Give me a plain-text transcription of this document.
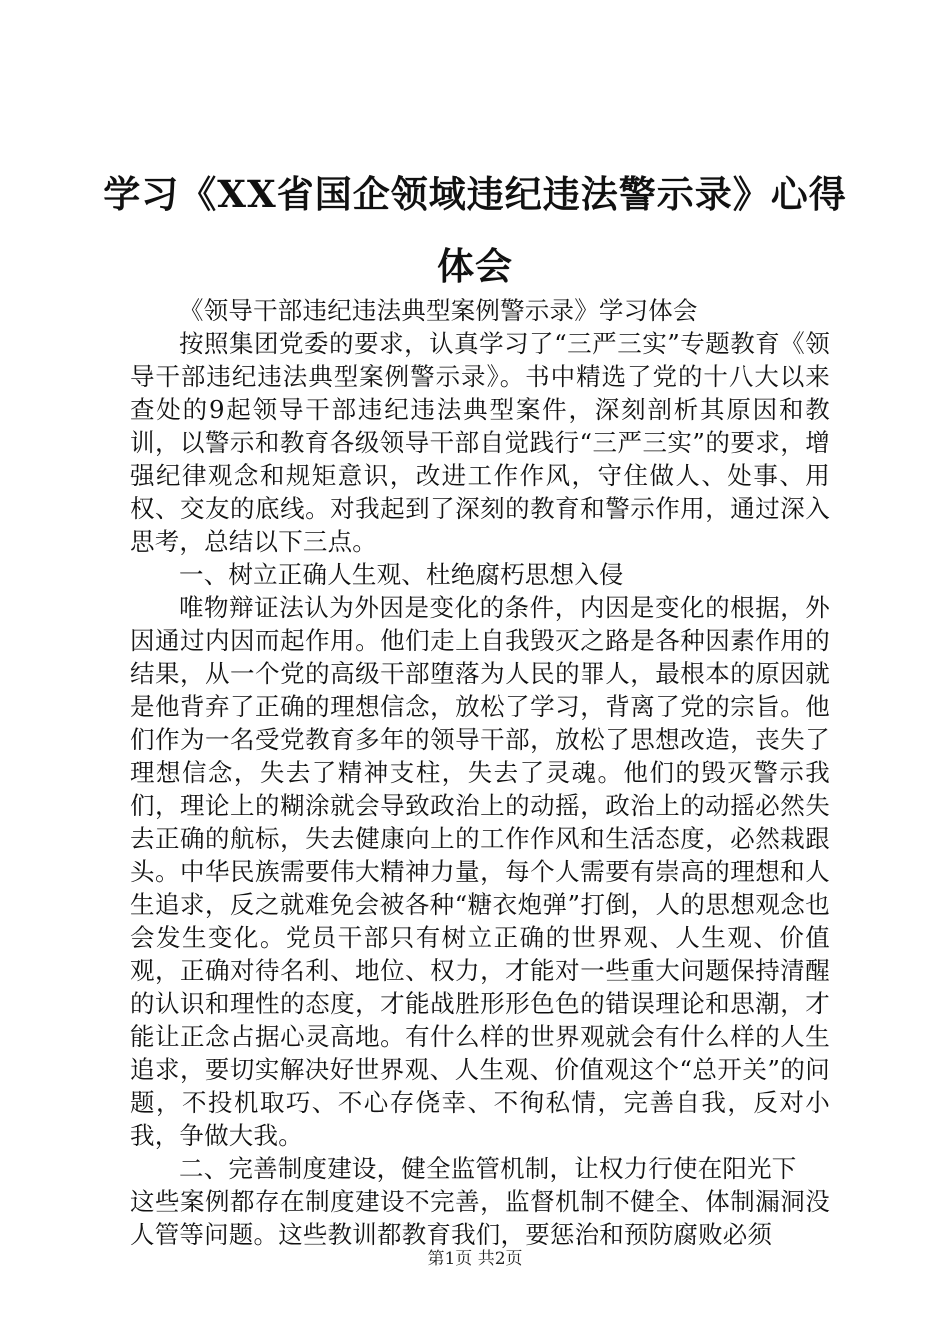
学习《XX省国企领域违纪违法警示录》心得
体会

《领导干部违纪违法典型案例警示录》学习体会

按照集团党委的要求，认真学习了“三严三实”专题教育《领导干部违纪违法典型案例警示录》。书中精选了党的十八大以来查处的9起领导干部违纪违法典型案件，深刻剖析其原因和教训，以警示和教育各级领导干部自觉践行“三严三实”的要求，增强纪律观念和规矩意识，改进工作作风，守住做人、处事、用权、交友的底线。对我起到了深刻的教育和警示作用，通过深入思考，总结以下三点。

一、树立正确人生观、杜绝腐朽思想入侵

唯物辩证法认为外因是变化的条件，内因是变化的根据，外因通过内因而起作用。他们走上自我毁灭之路是各种因素作用的结果，从一个党的高级干部堕落为人民的罪人，最根本的原因就是他背弃了正确的理想信念，放松了学习，背离了党的宗旨。他们作为一名受党教育多年的领导干部，放松了思想改造，丧失了理想信念，失去了精神支柱，失去了灵魂。他们的毁灭警示我们，理论上的糊涂就会导致政治上的动摇，政治上的动摇必然失去正确的航标，失去健康向上的工作作风和生活态度，必然栽跟头。中华民族需要伟大精神力量，每个人需要有崇高的理想和人生追求，反之就难免会被各种“糖衣炮弹”打倒，人的思想观念也会发生变化。党员干部只有树立正确的世界观、人生观、价值观，正确对待名利、地位、权力，才能对一些重大问题保持清醒的认识和理性的态度，才能战胜形形色色的错误理论和思潮，才能让正念占据心灵高地。有什么样的世界观就会有什么样的人生追求，要切实解决好世界观、人生观、价值观这个“总开关”的问题，不投机取巧、不心存侥幸、不徇私情，完善自我，反对小我，争做大我。

二、完善制度建设，健全监管机制，让权力行使在阳光下

这些案例都存在制度建设不完善，监督机制不健全、体制漏洞没人管等问题。这些教训都教育我们，要惩治和预防腐败必须

第1页 共2页
